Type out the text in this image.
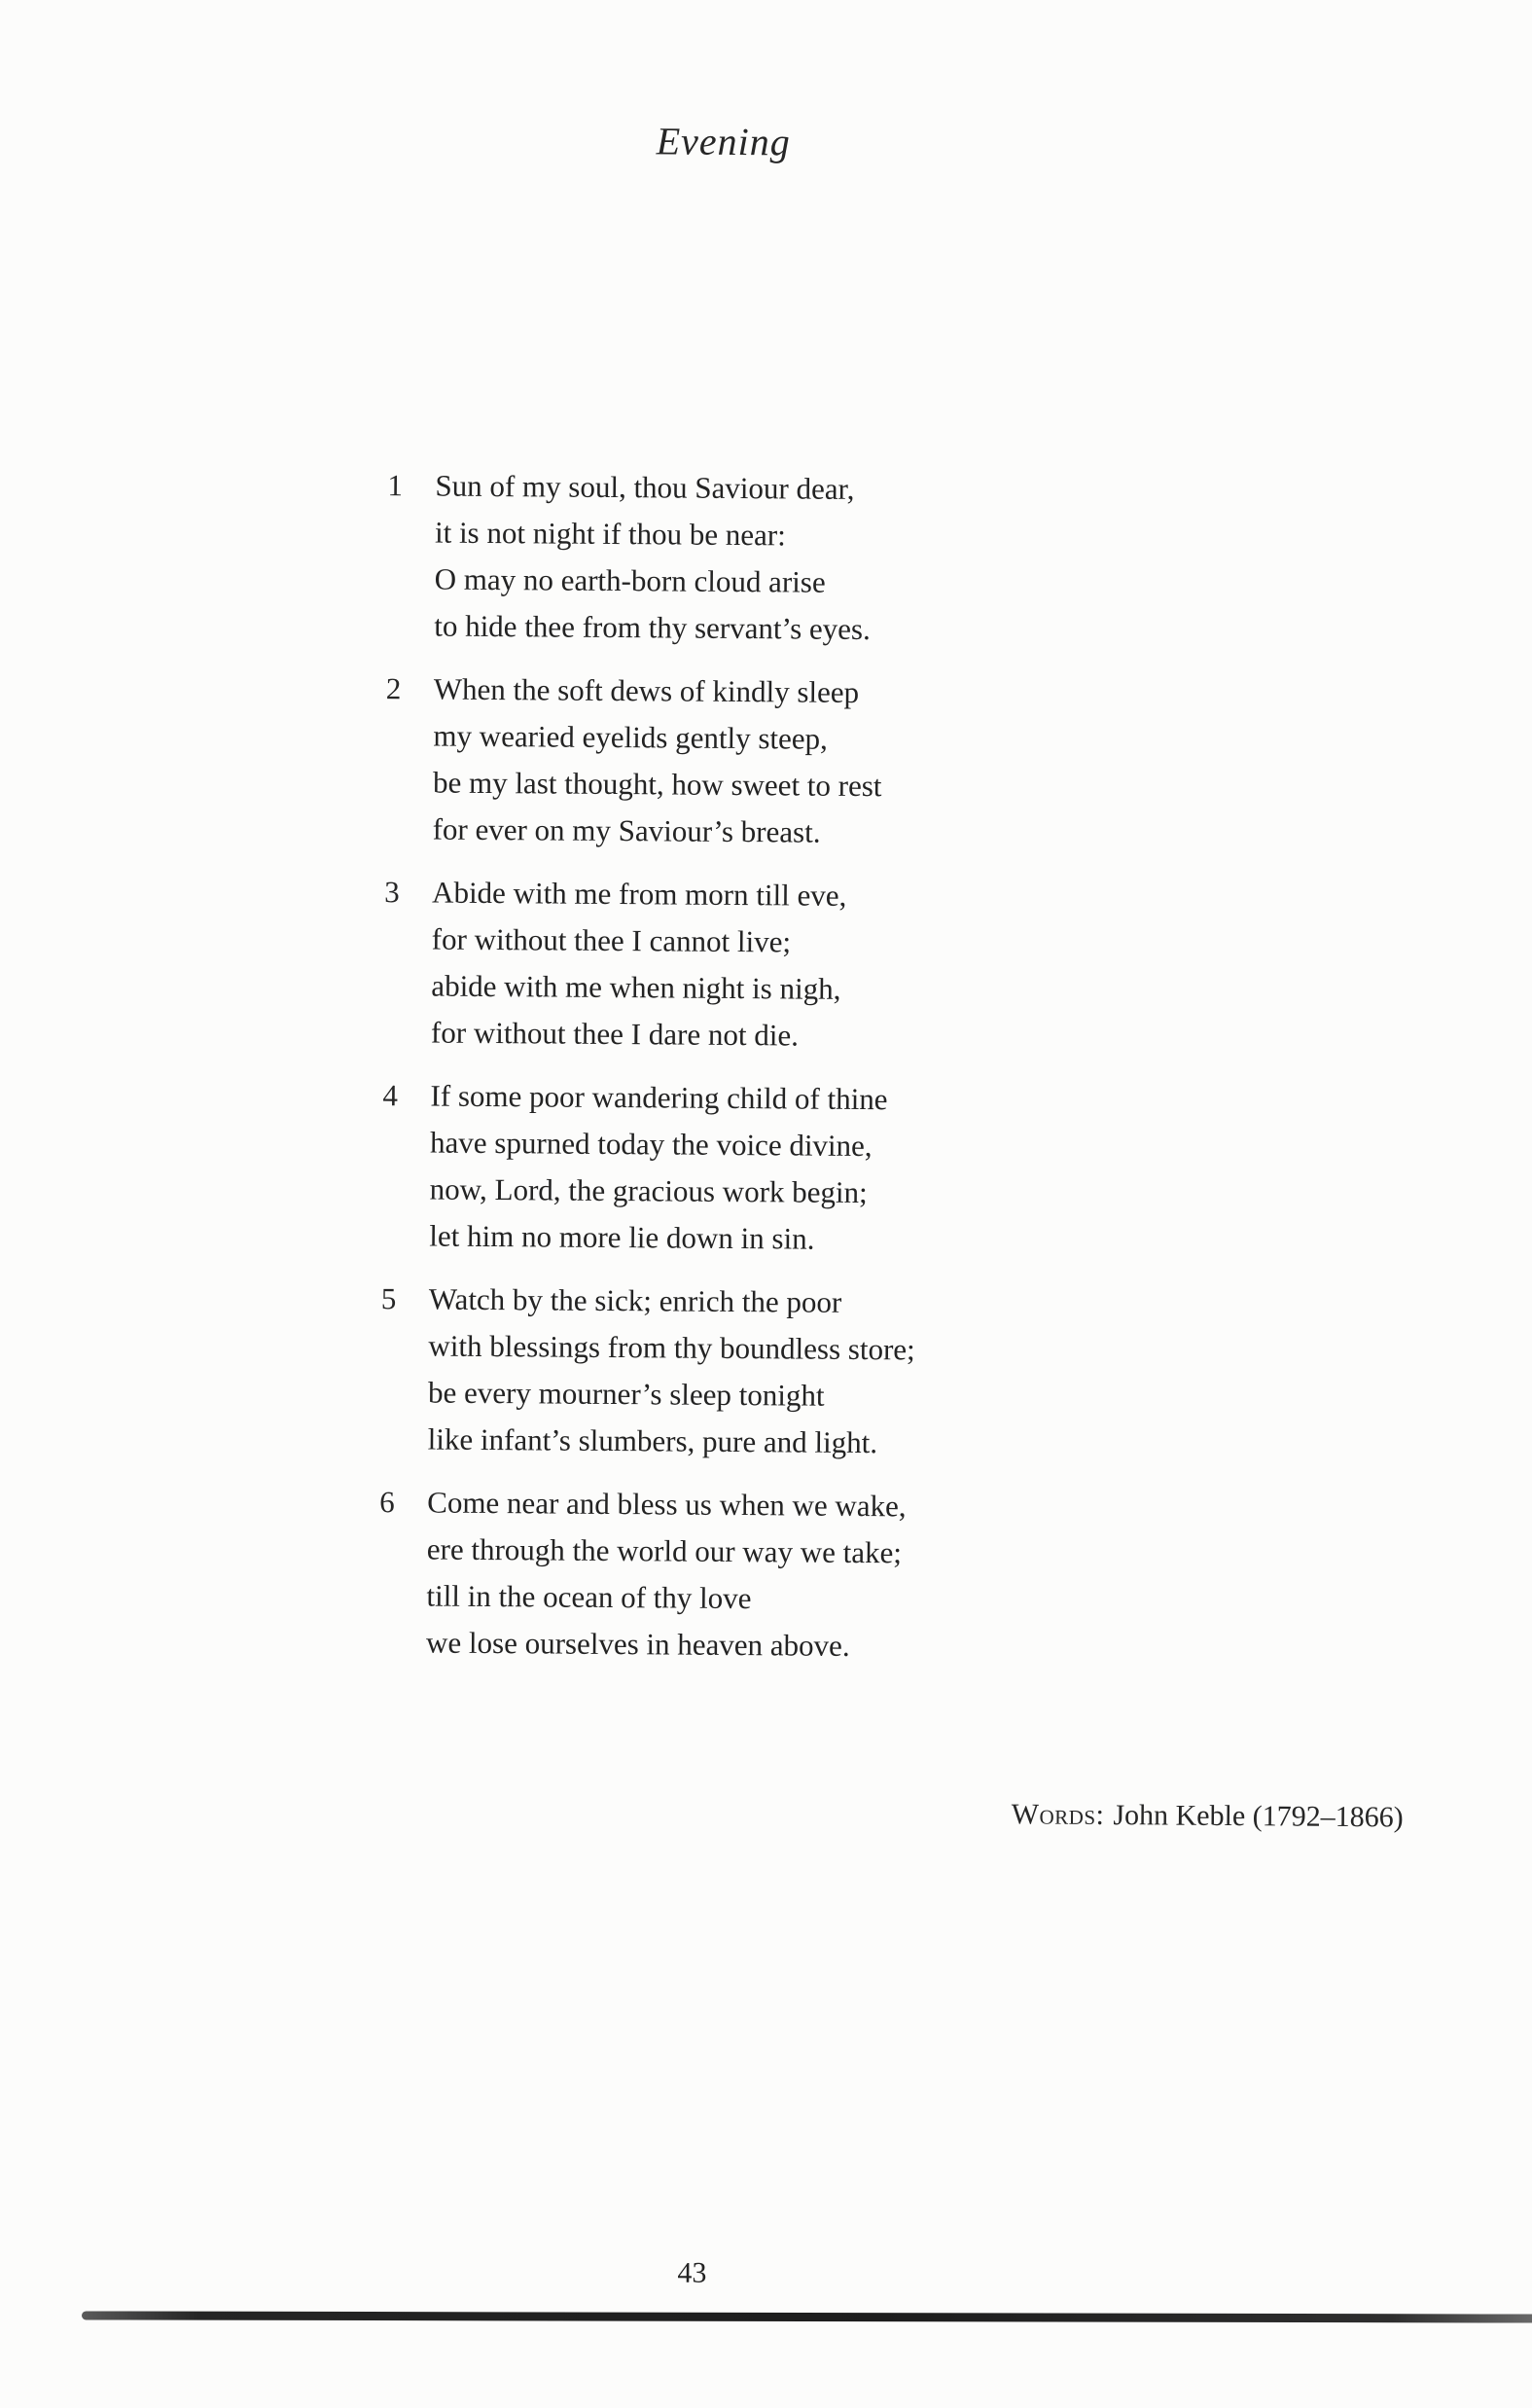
Evening
1	Sun of my soul, thou Saviour dear,
it is not night if thou be near:
O may no earth-born cloud arise
to hide thee from thy servant’s eyes.
2	When the soft dews of kindly sleep
my wearied eyelids gently steep,
be my last thought, how sweet to rest
for ever on my Saviour’s breast.
3	Abide with me from morn till eve,
for without thee I cannot live;
abide with me when night is nigh,
for without thee I dare not die.
4	If some poor wandering child of thine
have spurned today the voice divine,
now, Lord, the gracious work begin;
let him no more lie down in sin.
5	Watch by the sick; enrich the poor
with blessings from thy boundless store;
be every mourner’s sleep tonight
like infant’s slumbers, pure and light.
6	Come near and bless us when we wake,
ere through the world our way we take;
till in the ocean of thy love
we lose ourselves in heaven above.
Words: John Keble (1792–1866)
43
